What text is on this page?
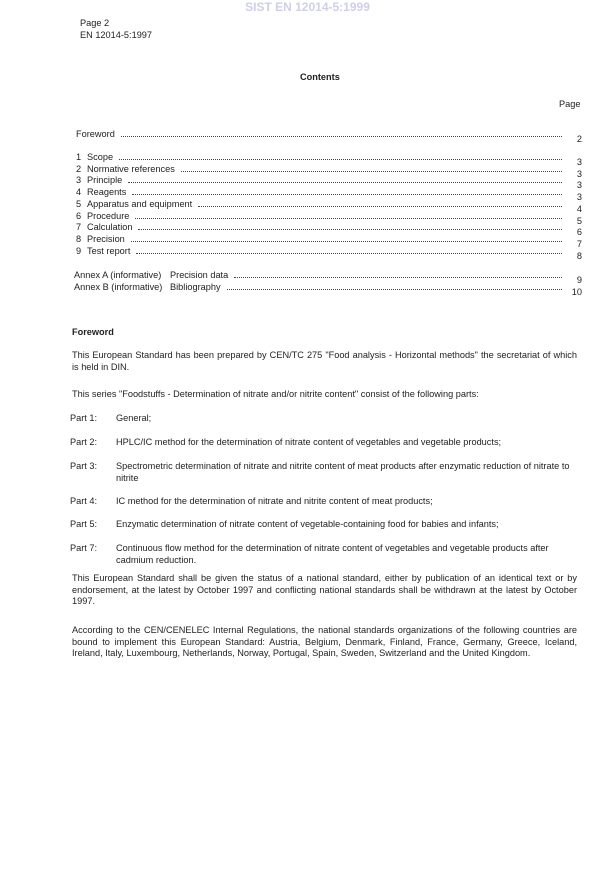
SIST EN 12014-5:1999
Page 2
EN 12014-5:1997
Contents
Page
Foreword	2
1 Scope	3
2 Normative references	3
3 Principle	3
4 Reagents	3
5 Apparatus and equipment	4
6 Procedure	5
7 Calculation	6
8 Precision	7
9 Test report	8
Annex A (informative) Precision data	9
Annex B (informative) Bibliography	10
Foreword
This European Standard has been prepared by CEN/TC 275 "Food analysis - Horizontal methods" the secretariat of which is held in DIN.
This series "Foodstuffs - Determination of nitrate and/or nitrite content" consist of the following parts:
Part 1:	General;
Part 2:	HPLC/IC method for the determination of nitrate content of vegetables and vegetable products;
Part 3:	Spectrometric determination of nitrate and nitrite content of meat products after enzymatic reduction of nitrate to nitrite
Part 4:	IC method for the determination of nitrate and nitrite content of meat products;
Part 5:	Enzymatic determination of nitrate content of vegetable-containing food for babies and infants;
Part 7:	Continuous flow method for the determination of nitrate content of vegetables and vegetable products after cadmium reduction.
This European Standard shall be given the status of a national standard, either by publication of an identical text or by endorsement, at the latest by October 1997 and conflicting national standards shall be withdrawn at the latest by October 1997.
According to the CEN/CENELEC Internal Regulations, the national standards organizations of the following countries are bound to implement this European Standard: Austria, Belgium, Denmark, Finland, France, Germany, Greece, Iceland, Ireland, Italy, Luxembourg, Netherlands, Norway, Portugal, Spain, Sweden, Switzerland and the United Kingdom.
